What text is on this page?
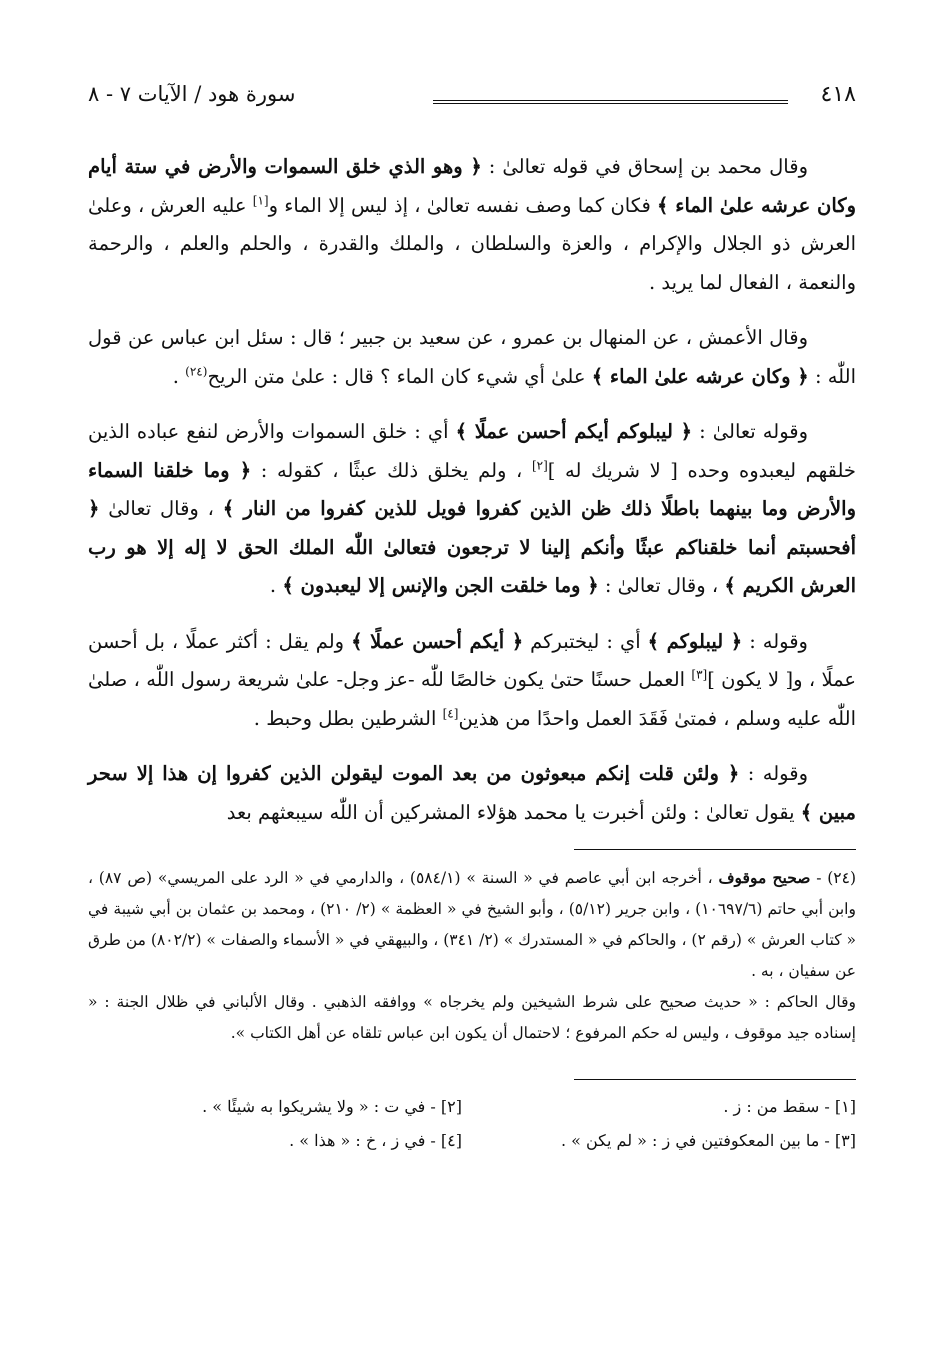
٤١٨
سورة هود / الآيات ٧ - ٨

وقال محمد بن إسحاق في قوله تعالىٰ : ﴿ وهو الذي خلق السموات والأرض في ستة أيام وكان عرشه علىٰ الماء ﴾ فكان كما وصف نفسه تعالىٰ ، إذ ليس إلا الماء و[١] عليه العرش ، وعلىٰ العرش ذو الجلال والإكرام ، والعزة والسلطان ، والملك والقدرة ، والحلم والعلم ، والرحمة والنعمة ، الفعال لما يريد .

وقال الأعمش ، عن المنهال بن عمرو ، عن سعيد بن جبير ؛ قال : سئل ابن عباس عن قول اللّٰه : ﴿ وكان عرشه علىٰ الماء ﴾ علىٰ أي شيء كان الماء ؟ قال : علىٰ متن الريح$^{(٢٤)}$ .

وقوله تعالىٰ : ﴿ ليبلوكم أيكم أحسن عملًا ﴾ أي : خلق السموات والأرض لنفع عباده الذين خلقهم ليعبدوه وحده [ لا شريك له ][٢] ، ولم يخلق ذلك عبثًا ، كقوله : ﴿ وما خلقنا السماء والأرض وما بينهما باطلًا ذلك ظن الذين كفروا فويل للذين كفروا من النار ﴾ ، وقال تعالىٰ ﴿ أفحسبتم أنما خلقناكم عبثًا وأنكم إلينا لا ترجعون فتعالىٰ اللّٰه الملك الحق لا إله إلا هو رب العرش الكريم ﴾ ، وقال تعالىٰ : ﴿ وما خلقت الجن والإنس إلا ليعبدون ﴾ .

وقوله : ﴿ ليبلوكم ﴾ أي : ليختبركم ﴿ أيكم أحسن عملًا ﴾ ولم يقل : أكثر عملًا ، بل أحسن عملًا ، و[ لا يكون ][٣] العمل حسنًا حتىٰ يكون خالصًا للّٰه -عز وجل- علىٰ شريعة رسول اللّٰه ، صلىٰ اللّٰه عليه وسلم ، فمتىٰ فَقَدَ العمل واحدًا من هذين[٤] الشرطين بطل وحبط .

وقوله : ﴿ ولئن قلت إنكم مبعوثون من بعد الموت ليقولن الذين كفروا إن هذا إلا سحر مبين ﴾ يقول تعالىٰ : ولئن أخبرت يا محمد هؤلاء المشركين أن اللّٰه سيبعثهم بعد

(٢٤) - صحيح موقوف ، أخرجه ابن أبي عاصم في « السنة » (٥٨٤/١) ، والدارمي في « الرد على المريسي» (ص ٨٧) ، وابن أبي حاتم (١٠٦٩٧/٦) ، وابن جرير (٥/١٢) ، وأبو الشيخ في « العظمة » (٢/ ٢١٠) ، ومحمد بن عثمان بن أبي شيبة في « كتاب العرش » (رقم ٢) ، والحاكم في « المستدرك » (٢/ ٣٤١) ، والبيهقي في « الأسماء والصفات » (٨٠٢/٢) من طرق عن سفيان ، به .

وقال الحاكم : « حديث صحيح على شرط الشيخين ولم يخرجاه » ووافقه الذهبي . وقال الألباني في ظلال الجنة : « إسناده جيد موقوف ، وليس له حكم المرفوع ؛ لاحتمال أن يكون ابن عباس تلقاه عن أهل الكتاب ».

[١] - سقط من : ز .
[٢] - في ت : « ولا يشريكوا به شيئًا » .
[٣] - ما بين المعكوفتين في ز : « لم يكن » .
[٤] - في ز ، خ : « هذا » .
